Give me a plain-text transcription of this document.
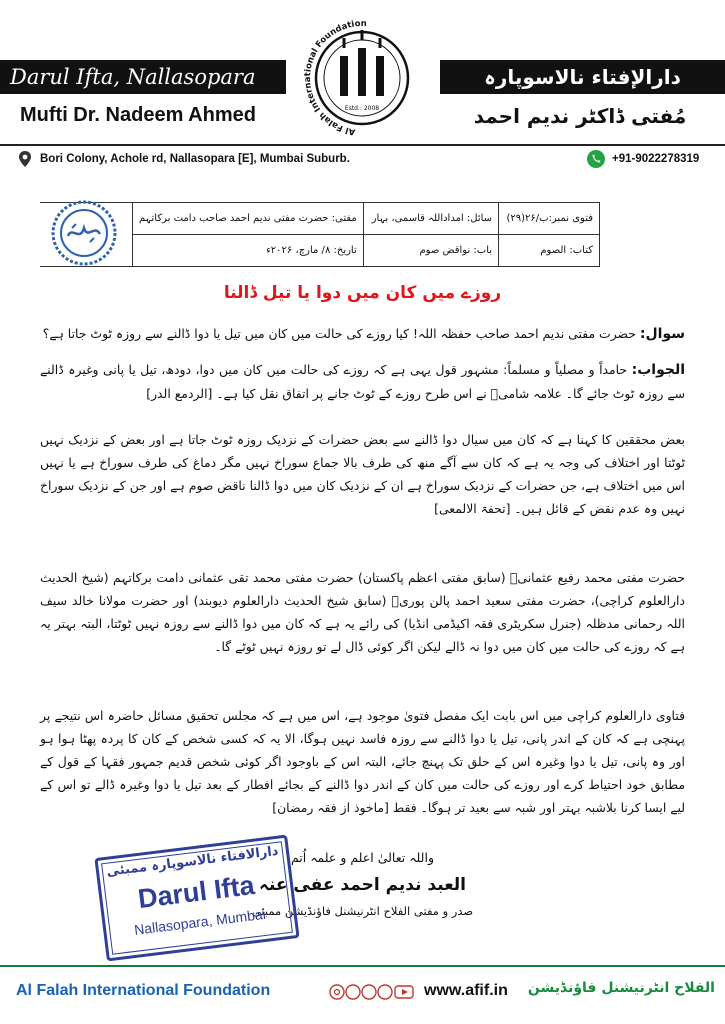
Darul Ifta, Nallasopara
Mufti Dr. Nadeem Ahmed
دارالإفتاء نالاسوپارہ
مُفتی ڈاکٹر ندیم احمد
Al Falah International Foundation
Estd.: 2008
Bori Colony, Achole rd, Nallasopara [E], Mumbai Suburb.	+91-9022278319
فتوی نمبر:ب/۲۶(۲۹)	سائل: امداداللہ قاسمی، بہار	مفتی: حضرت مفتی ندیم احمد صاحب دامت برکاتہم	
کتاب: الصوم	باب: نواقض صوم	تاریخ: ۸/ مارچ، ۲۰۲۶ء	
روزے میں کان میں دوا یا تیل ڈالنا
سوال: حضرت مفتی ندیم احمد صاحب حفظہ اللہ! کیا روزے کی حالت میں کان میں تیل یا دوا ڈالنے سے روزہ ٹوٹ جاتا ہے؟
الجواب: حامداً و مصلیاً و مسلماً: مشہور قول یہی ہے کہ روزے کی حالت میں کان میں دوا، دودھ، تیل یا پانی وغیرہ ڈالنے سے روزہ ٹوٹ جائے گا۔ علامہ شامیؒ نے اس طرح روزے کے ٹوٹ جانے پر اتفاق نقل کیا ہے۔ [الردمع الدر]
بعض محققین کا کہنا ہے کہ کان میں سیال دوا ڈالنے سے بعض حضرات کے نزدیک روزہ ٹوٹ جاتا ہے اور بعض کے نزدیک نہیں ٹوٹتا اور اختلاف کی وجہ یہ ہے کہ کان سے آگے منھ کی طرف بالا جماع سوراخ نہیں مگر دماغ کی طرف سوراخ ہے یا نہیں اس میں اختلاف ہے، جن حضرات کے نزدیک سوراخ ہے ان کے نزدیک کان میں دوا ڈالنا ناقض صوم ہے اور جن کے نزدیک سوراخ نہیں وہ عدم نقض کے قائل ہیں۔ [تحفۃ الالمعی]
حضرت مفتی محمد رفیع عثمانیؒ (سابق مفتی اعظم پاکستان) حضرت مفتی محمد تقی عثمانی دامت برکاتہم (شیخ الحدیث دارالعلوم کراچی)، حضرت مفتی سعید احمد پالن پوریؒ (سابق شیخ الحدیث دارالعلوم دیوبند) اور حضرت مولانا خالد سیف اللہ رحمانی مدظلہ (جنرل سکریٹری فقہ اکیڈمی انڈیا) کی رائے یہ ہے کہ کان میں دوا ڈالنے سے روزہ نہیں ٹوٹتا، البتہ بہتر یہ ہے کہ روزے کی حالت میں کان میں دوا نہ ڈالے لیکن اگر کوئی ڈال لے تو روزہ نہیں ٹوٹے گا۔
فتاوی دارالعلوم کراچی میں اس بابت ایک مفصل فتویٰ موجود ہے، اس میں ہے کہ مجلس تحقیق مسائل حاضرہ اس نتیجے پر پہنچی ہے کہ کان کے اندر پانی، تیل یا دوا ڈالنے سے روزہ فاسد نہیں ہوگا، الا یہ کہ کسی شخص کے کان کا پردہ پھٹا ہوا ہو اور وہ پانی، تیل یا دوا وغیرہ اس کے حلق تک پہنچ جائے، البتہ اس کے باوجود اگر کوئی شخص قدیم جمہور فقہا کے قول کے مطابق خود احتیاط کرے اور روزے کی حالت میں کان کے اندر دوا ڈالنے کے بجائے افطار کے بعد تیل یا دوا وغیرہ ڈالے تو اس کے لیے ایسا کرنا بلاشبہ بہتر اور شبہ سے بعید تر ہوگا۔ فقط [ماخوذ از فقہ رمضان]
واللہ تعالیٰ اعلم و علمہ اُتم
العبد ندیم احمد عفی عنہ
صدر و مفتی الفلاح انٹرنیشنل فاؤنڈیشن ممبئی
دارالافتاء نالاسوپارہ ممبئی
Darul Ifta
Nallasopara, Mumbai
Al Falah International Foundation	www.afif.in الفلاح انٹرنیشنل فاؤنڈیشن
